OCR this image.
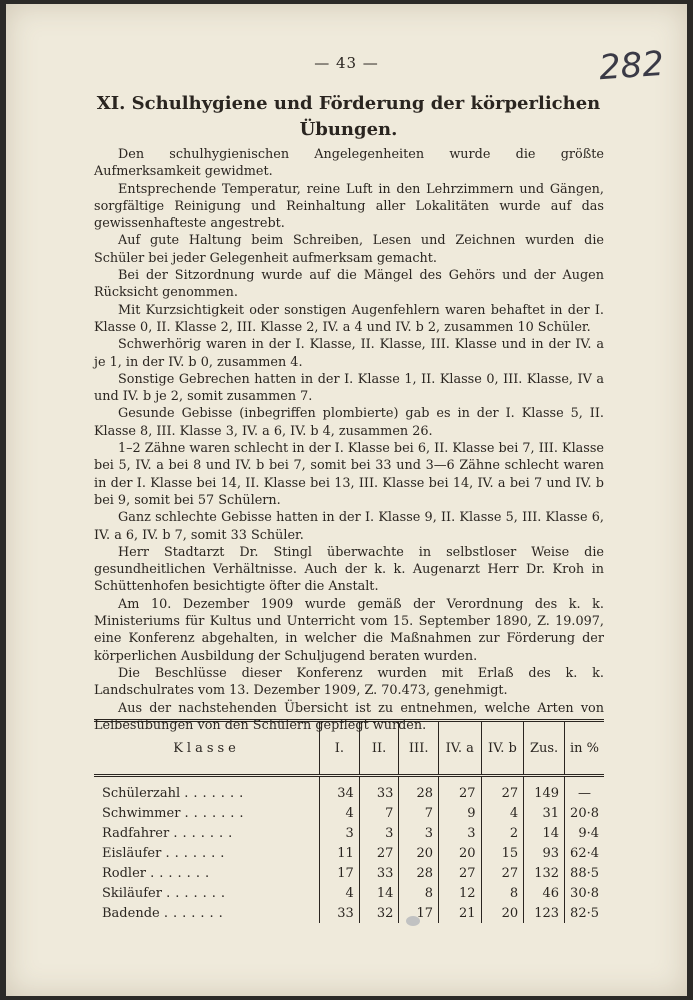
— 43 —	282
XI. Schulhygiene und Förderung der körperlichen
Übungen.

Den schulhygienischen Angelegenheiten wurde die größte Aufmerksamkeit gewidmet.

Entsprechende Temperatur, reine Luft in den Lehrzimmern und Gängen, sorgfältige Reinigung und Reinhaltung aller Lokalitäten wurde auf das gewissenhafteste angestrebt.

Auf gute Haltung beim Schreiben, Lesen und Zeichnen wurden die Schüler bei jeder Gelegenheit aufmerksam gemacht.

Bei der Sitzordnung wurde auf die Mängel des Gehörs und der Augen Rücksicht genommen.

Mit Kurzsichtigkeit oder sonstigen Augenfehlern waren behaftet in der I. Klasse 0, II. Klasse 2, III. Klasse 2, IV. a 4 und IV. b 2, zusammen 10 Schüler.

Schwerhörig waren in der I. Klasse, II. Klasse, III. Klasse und in der IV. a je 1, in der IV. b 0, zusammen 4.

Sonstige Gebrechen hatten in der I. Klasse 1, II. Klasse 0, III. Klasse, IV a und IV. b je 2, somit zusammen 7.

Gesunde Gebisse (inbegriffen plombierte) gab es in der I. Klasse 5, II. Klasse 8, III. Klasse 3, IV. a 6, IV. b 4, zusammen 26.

1–2 Zähne waren schlecht in der I. Klasse bei 6, II. Klasse bei 7, III. Klasse bei 5, IV. a bei 8 und IV. b bei 7, somit bei 33 und 3—6 Zähne schlecht waren in der I. Klasse bei 14, II. Klasse bei 13, III. Klasse bei 14, IV. a bei 7 und IV. b bei 9, somit bei 57 Schülern.

Ganz schlechte Gebisse hatten in der I. Klasse 9, II. Klasse 5, III. Klasse 6, IV. a 6, IV. b 7, somit 33 Schüler.

Herr Stadtarzt Dr. Stingl überwachte in selbstloser Weise die gesundheitlichen Verhältnisse. Auch der k. k. Augenarzt Herr Dr. Kroh in Schüttenhofen besichtigte öfter die Anstalt.

Am 10. Dezember 1909 wurde gemäß der Verordnung des k. k. Ministeriums für Kultus und Unterricht vom 15. September 1890, Z. 19.097, eine Konferenz abgehalten, in welcher die Maßnahmen zur Förderung der körperlichen Ausbildung der Schuljugend beraten wurden.

Die Beschlüsse dieser Konferenz wurden mit Erlaß des k. k. Landschulrates vom 13. Dezember 1909, Z. 70.473, genehmigt.

Aus der nachstehenden Übersicht ist zu entnehmen, welche Arten von Leibesübungen von den Schülern gepflegt wurden.

Klasse	I.	II.	III.	IV. a	IV. b	Zus.	in %
Schülerzahl .......	34	33	28	27	27	149	—
Schwimmer .......	4	7	7	9	4	31	20·8
Radfahrer .......	3	3	3	3	2	14	9·4
Eisläufer .......	11	27	20	20	15	93	62·4
Rodler .......	17	33	28	27	27	132	88·5
Skiläufer .......	4	14	8	12	8	46	30·8
Badende .......	33	32	17	21	20	123	82·5
